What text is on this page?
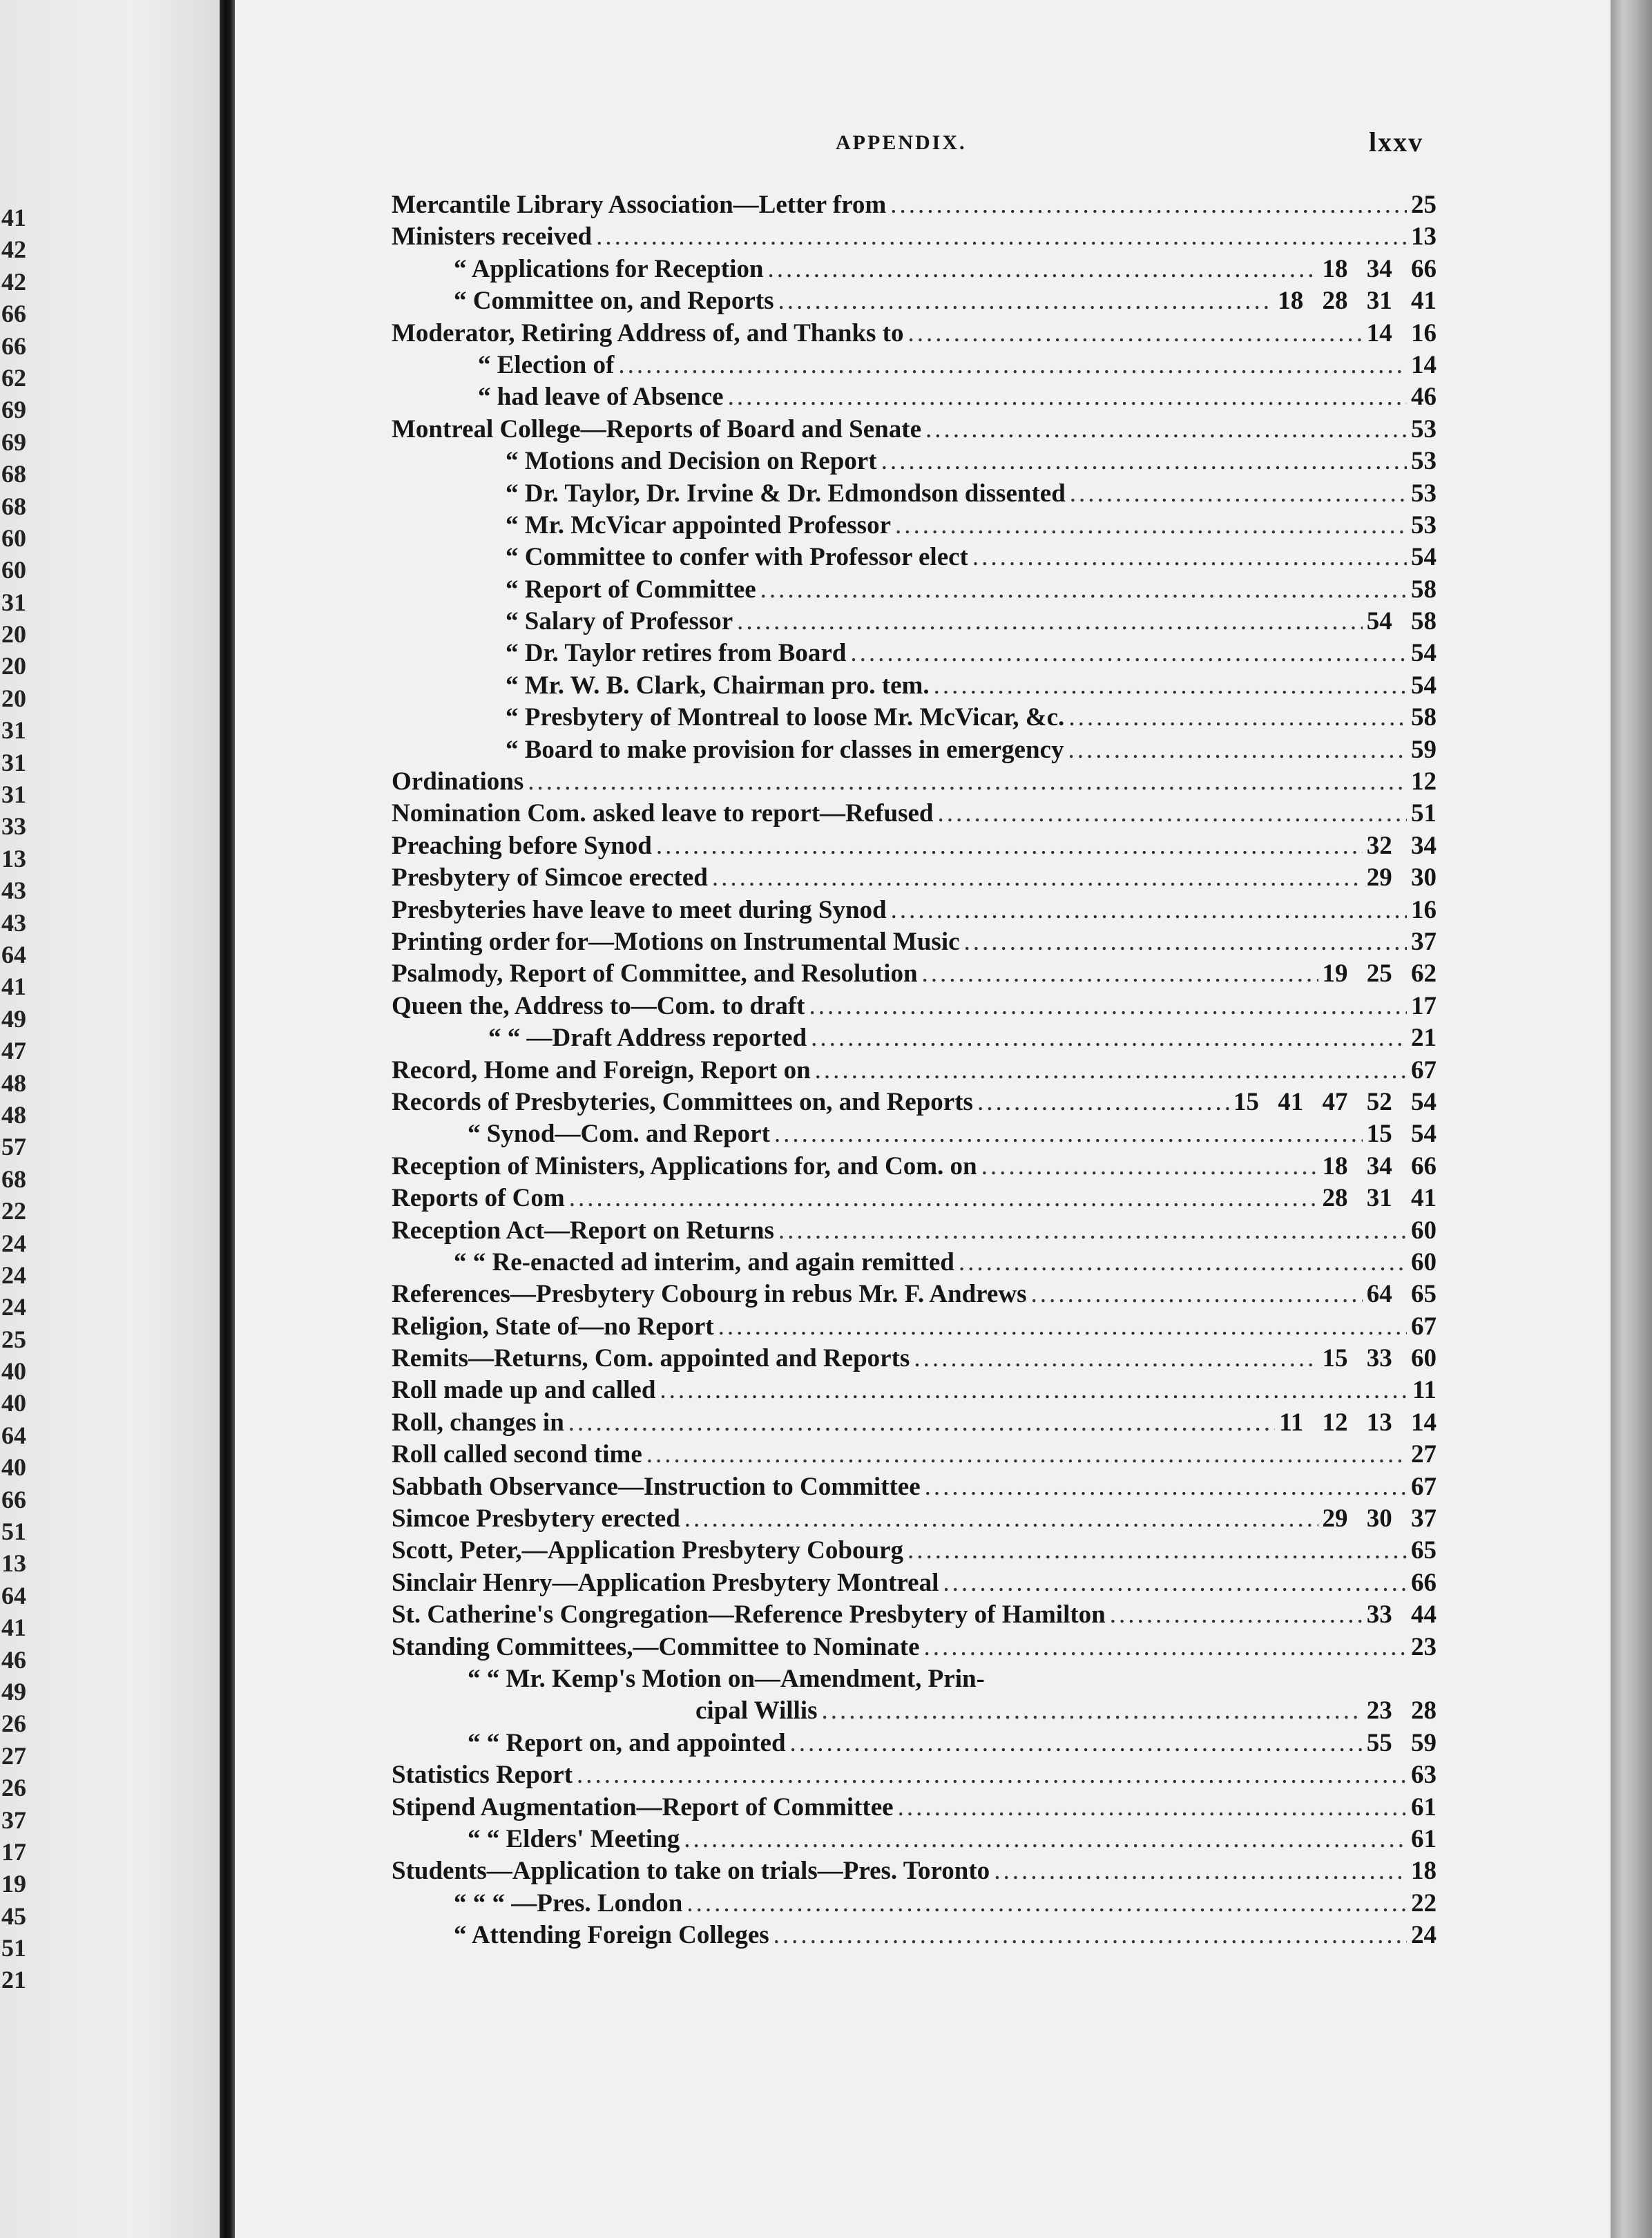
41
42
42
66
66
62
69
69
68
68
60
60
31
20
20
20
31
31
31
33
13
43
43
64
41
49
47
48
48
57
68
22
24
24
24
25
40
40
64
40
66
51
13
64
41
46
49
26
27
26
37
17
19
45
51
21
APPENDIX.	lxxv
Mercantile Library Association—Letter from .....	25
Ministers received .....	13
“ Applications for Reception .....	18 34 66
“ Committee on, and Reports .....	18 28 31 41
Moderator, Retiring Address of, and Thanks to .....	14 16
“ Election of .....	14
“ had leave of Absence .....	46
Montreal College—Reports of Board and Senate .....	53
“ Motions and Decision on Report .....	53
“ Dr. Taylor, Dr. Irvine & Dr. Edmondson dissented .....	53
“ Mr. McVicar appointed Professor .....	53
“ Committee to confer with Professor elect .....	54
“ Report of Committee .....	58
“ Salary of Professor .....	54 58
“ Dr. Taylor retires from Board .....	54
“ Mr. W. B. Clark, Chairman pro. tem. .....	54
“ Presbytery of Montreal to loose Mr. McVicar, &c. .....	58
“ Board to make provision for classes in emergency .....	59
Ordinations .....	12
Nomination Com. asked leave to report—Refused .....	51
Preaching before Synod .....	32 34
Presbytery of Simcoe erected .....	29 30
Presbyteries have leave to meet during Synod .....	16
Printing order for—Motions on Instrumental Music .....	37
Psalmody, Report of Committee, and Resolution .....	19 25 62
Queen the, Address to—Com. to draft .....	17
“ “ —Draft Address reported .....	21
Record, Home and Foreign, Report on .....	67
Records of Presbyteries, Committees on, and Reports .....	15 41 47 52 54
“ Synod—Com. and Report .....	15 54
Reception of Ministers, Applications for, and Com. on .....	18 34 66
Reports of Com .....	28 31 41
Reception Act—Report on Returns .....	60
“ “ Re-enacted ad interim, and again remitted .....	60
References—Presbytery Cobourg in rebus Mr. F. Andrews .....	64 65
Religion, State of—no Report .....	67
Remits—Returns, Com. appointed and Reports .....	15 33 60
Roll made up and called .....	11
Roll, changes in .....	11 12 13 14
Roll called second time .....	27
Sabbath Observance—Instruction to Committee .....	67
Simcoe Presbytery erected .....	29 30 37
Scott, Peter,—Application Presbytery Cobourg .....	65
Sinclair Henry—Application Presbytery Montreal .....	66
St. Catherine's Congregation—Reference Presbytery of Hamilton .....	33 44
Standing Committees,—Committee to Nominate .....	23
“ “ Mr. Kemp's Motion on—Amendment, Prin-
cipal Willis .....	23 28
“ “ Report on, and appointed .....	55 59
Statistics Report .....	63
Stipend Augmentation—Report of Committee .....	61
“ “ Elders' Meeting .....	61
Students—Application to take on trials—Pres. Toronto .....	18
“ “ “ —Pres. London .....	22
“ Attending Foreign Colleges .....	24
